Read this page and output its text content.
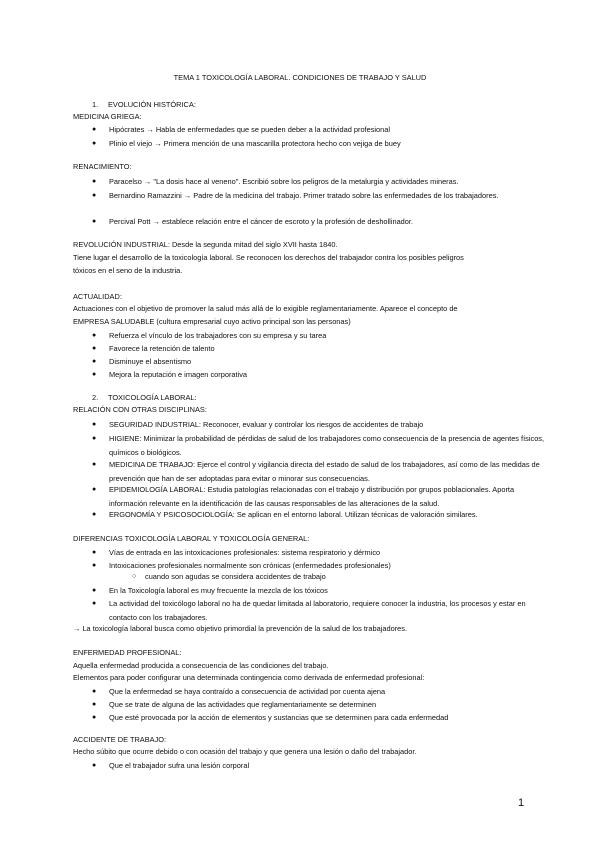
TEMA 1 TOXICOLOGÍA LABORAL. CONDICIONES DE TRABAJO Y SALUD
1. EVOLUCIÓN HISTÓRICA:
MEDICINA GRIEGA:
● Hipócrates → Habla de enfermedades que se pueden deber a la actividad profesional
● Plinio el viejo → Primera mención de una mascarilla protectora hecho con vejiga de buey
RENACIMIENTO:
● Paracelso → "La dosis hace al veneno". Escribió sobre los peligros de la metalurgia y actividades mineras.
● Bernardino Ramazzini → Padre de la medicina del trabajo. Primer tratado sobre las enfermedades de los trabajadores.
● Percival Pott → establece relación entre el cáncer de escroto y la profesión de deshollinador.
REVOLUCIÓN INDUSTRIAL: Desde la segunda mitad del siglo XVII hasta 1840.
Tiene lugar el desarrollo de la toxicología laboral. Se reconocen los derechos del trabajador contra los posibles peligros
tóxicos en el seno de la industria.
ACTUALIDAD:
Actuaciones con el objetivo de promover la salud más allá de lo exigible reglamentariamente. Aparece el concepto de
EMPRESA SALUDABLE (cultura empresarial cuyo activo principal son las personas)
● Refuerza el vínculo de los trabajadores con su empresa y su tarea
● Favorece la retención de talento
● Disminuye el absentismo
● Mejora la reputación e imagen corporativa
2. TOXICOLOGÍA LABORAL:
RELACIÓN CON OTRAS DISCIPLINAS:
● SEGURIDAD INDUSTRIAL: Reconocer, evaluar y controlar los riesgos de accidentes de trabajo
● HIGIENE: Minimizar la probabilidad de pérdidas de salud de los trabajadores como consecuencia de la presencia de agentes físicos, químicos o biológicos.
● MEDICINA DE TRABAJO: Ejerce el control y vigilancia directa del estado de salud de los trabajadores, así como de las medidas de prevención que han de ser adoptadas para evitar o minorar sus consecuencias.
● EPIDEMIOLOGÍA LABORAL: Estudia patologías relacionadas con el trabajo y distribución por grupos poblacionales. Aporta información relevante en la identificación de las causas responsables de las alteraciones de la salud.
● ERGONOMÍA Y PSICOSOCIOLOGÍA: Se aplican en el entorno laboral. Utilizan técnicas de valoración similares.
DIFERENCIAS TOXICOLOGÍA LABORAL Y TOXICOLOGÍA GENERAL:
● Vías de entrada en las intoxicaciones profesionales: sistema respiratorio y dérmico
● Intoxicaciones profesionales normalmente son crónicas (enfermedades profesionales)
○ cuando son agudas se considera accidentes de trabajo
● En la Toxicología laboral es muy frecuente la mezcla de los tóxicos
● La actividad del toxicólogo laboral no ha de quedar limitada al laboratorio, requiere conocer la industria, los procesos y estar en contacto con los trabajadores.
→ La toxicología laboral busca como objetivo primordial la prevención de la salud de los trabajadores.
ENFERMEDAD PROFESIONAL:
Aquella enfermedad producida a consecuencia de las condiciones del trabajo.
Elementos para poder configurar una determinada contingencia como derivada de enfermedad profesional:
● Que la enfermedad se haya contraído a consecuencia de actividad por cuenta ajena
● Que se trate de alguna de las actividades que reglamentariamente se determinen
● Que esté provocada por la acción de elementos y sustancias que se determinen para cada enfermedad
ACCIDENTE DE TRABAJO:
Hecho súbito que ocurre debido o con ocasión del trabajo y que genera una lesión o daño del trabajador.
● Que el trabajador sufra una lesión corporal
1
